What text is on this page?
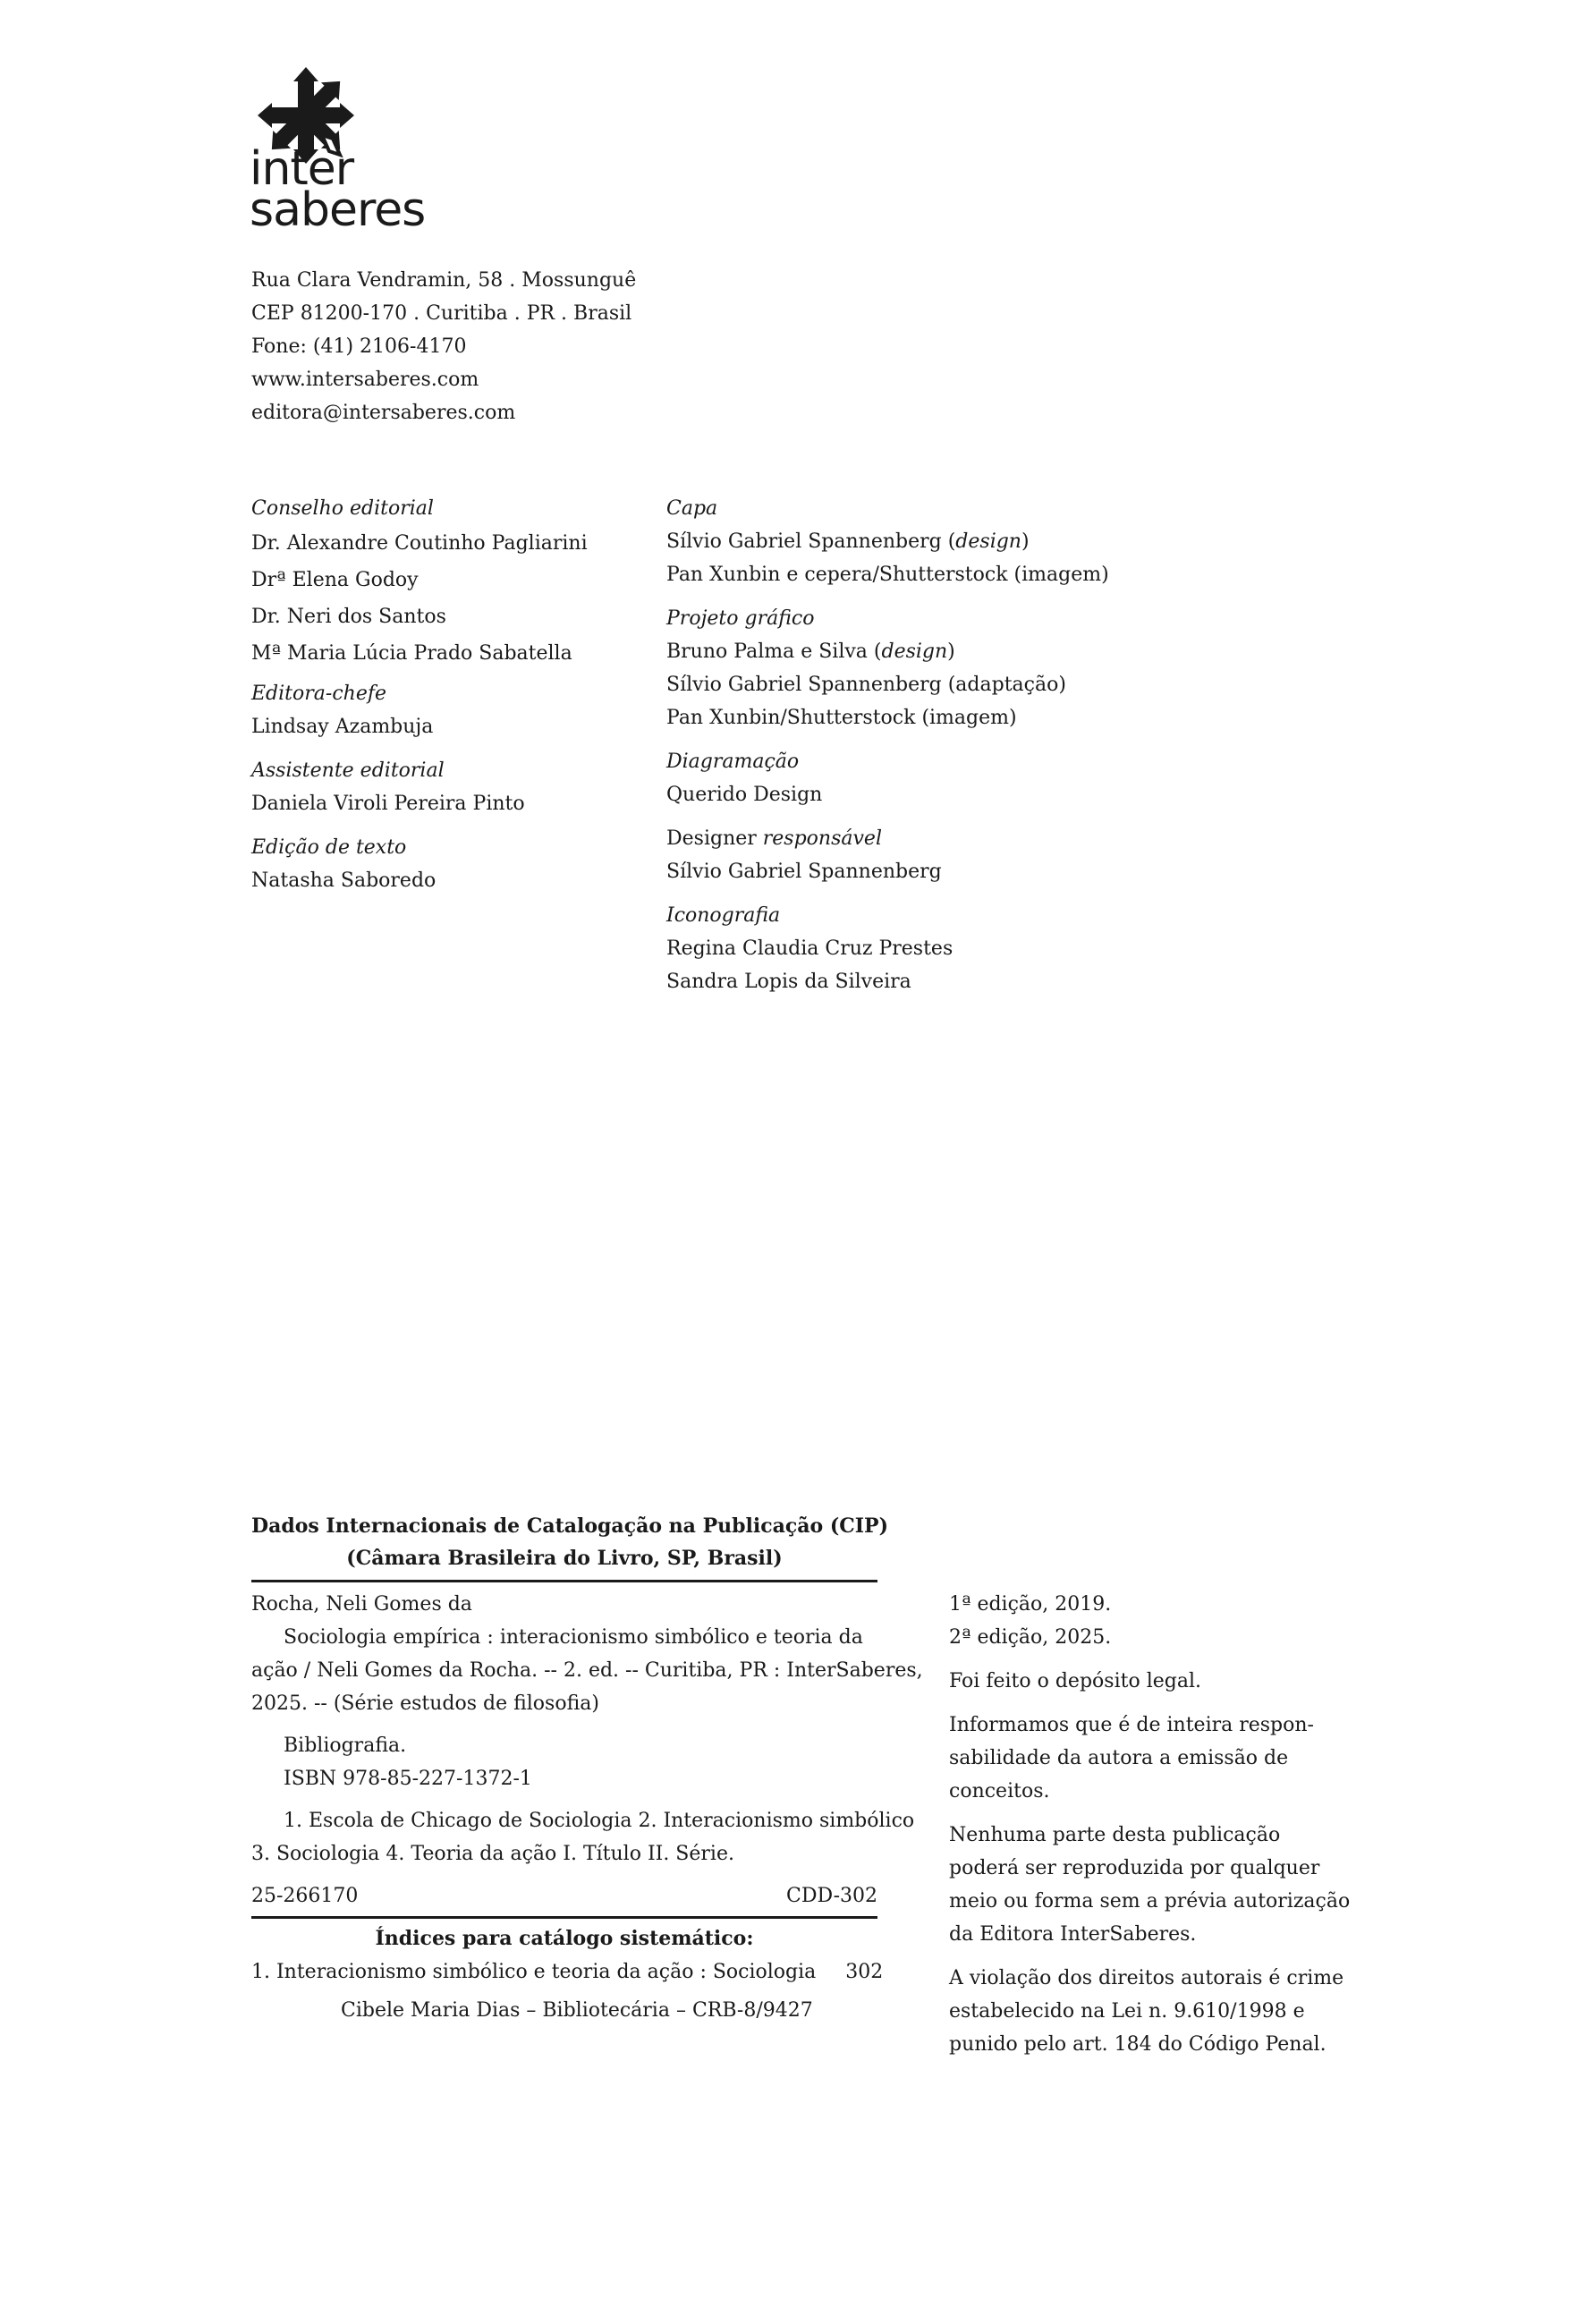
inter
saberes
Rua Clara Vendramin, 58 . Mossunguê
CEP 81200-170 . Curitiba . PR . Brasil
Fone: (41) 2106-4170
www.intersaberes.com
editora@intersaberes.com
Conselho editorial
Dr. Alexandre Coutinho Pagliarini
Drª Elena Godoy
Dr. Neri dos Santos
Mª Maria Lúcia Prado Sabatella
Editora-chefe
Lindsay Azambuja
Assistente editorial
Daniela Viroli Pereira Pinto
Edição de texto
Natasha Saboredo
Capa
Sílvio Gabriel Spannenberg (design)
Pan Xunbin e cepera/Shutterstock (imagem)
Projeto gráfico
Bruno Palma e Silva (design)
Sílvio Gabriel Spannenberg (adaptação)
Pan Xunbin/Shutterstock (imagem)
Diagramação
Querido Design
Designer responsável
Sílvio Gabriel Spannenberg
Iconografia
Regina Claudia Cruz Prestes
Sandra Lopis da Silveira
Dados Internacionais de Catalogação na Publicação (CIP)
(Câmara Brasileira do Livro, SP, Brasil)
Rocha, Neli Gomes da
Sociologia empírica : interacionismo simbólico e teoria da
ação / Neli Gomes da Rocha. -- 2. ed. -- Curitiba, PR : InterSaberes,
2025. -- (Série estudos de filosofia)
Bibliografia.
ISBN 978-85-227-1372-1
1. Escola de Chicago de Sociologia 2. Interacionismo simbólico
3. Sociologia 4. Teoria da ação I. Título II. Série.
25-266170	CDD-302
Índices para catálogo sistemático:
1. Interacionismo simbólico e teoria da ação : Sociologia 302
Cibele Maria Dias – Bibliotecária – CRB-8/9427

1ª edição, 2019.
2ª edição, 2025.

Foi feito o depósito legal.

Informamos que é de inteira respon-
sabilidade da autora a emissão de
conceitos.

Nenhuma parte desta publicação
poderá ser reproduzida por qualquer
meio ou forma sem a prévia autorização
da Editora InterSaberes.

A violação dos direitos autorais é crime
estabelecido na Lei n. 9.610/1998 e
punido pelo art. 184 do Código Penal.
